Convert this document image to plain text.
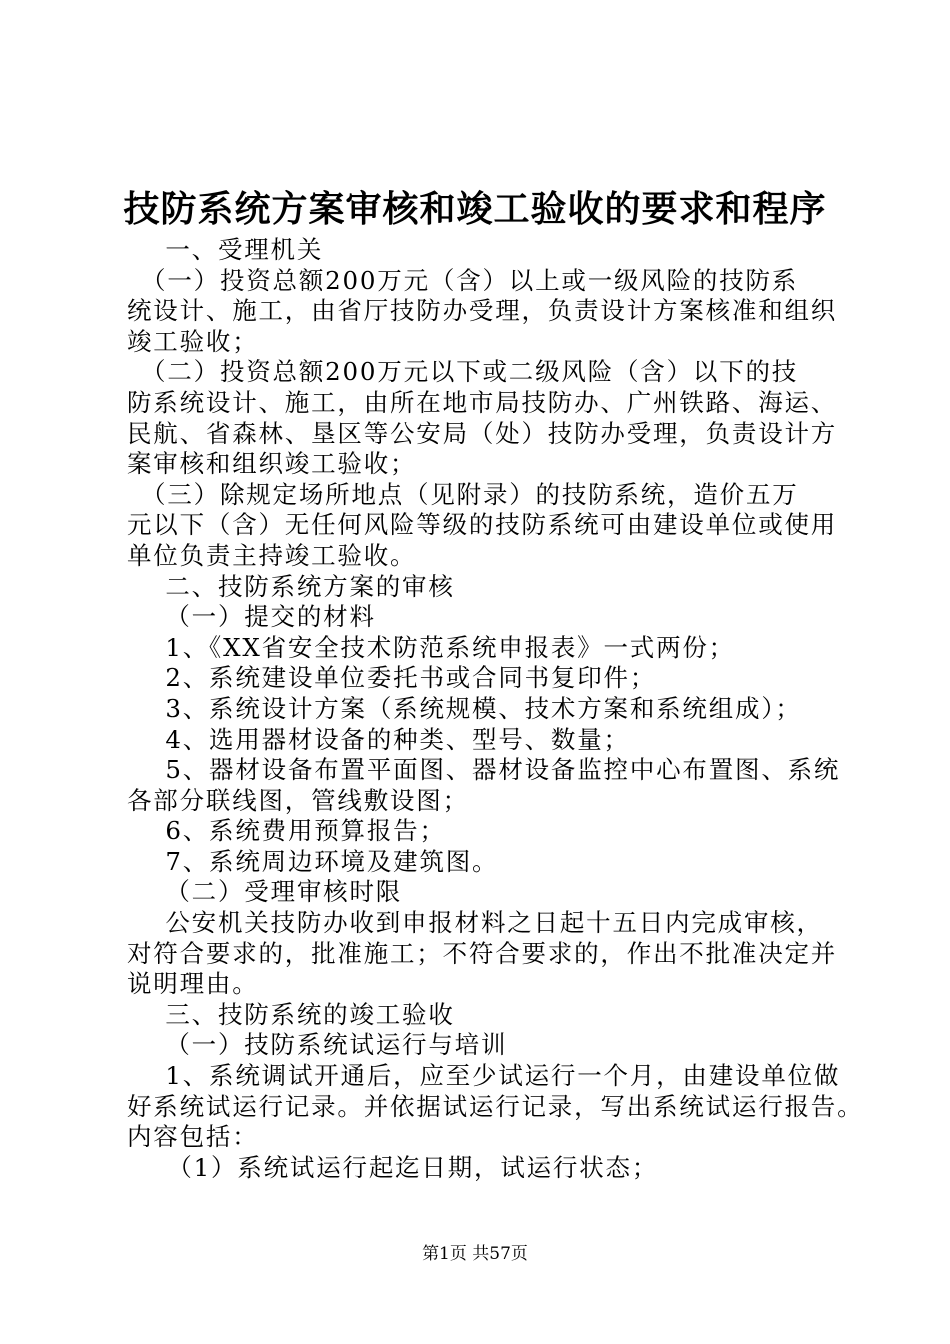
技防系统方案审核和竣工验收的要求和程序
一、受理机关
　（一）投资总额200万元（含）以上或一级风险的技防系
统设计、施工，由省厅技防办受理，负责设计方案核准和组织
竣工验收；
　（二）投资总额200万元以下或二级风险（含）以下的技
防系统设计、施工，由所在地市局技防办、广州铁路、海运、
民航、省森林、垦区等公安局（处）技防办受理，负责设计方
案审核和组织竣工验收；
　（三）除规定场所地点（见附录）的技防系统，造价五万
元以下（含）无任何风险等级的技防系统可由建设单位或使用
单位负责主持竣工验收。
二、技防系统方案的审核
（一）提交的材料
1、《XX省安全技术防范系统申报表》一式两份；
2、系统建设单位委托书或合同书复印件；
3、系统设计方案（系统规模、技术方案和系统组成）；
4、选用器材设备的种类、型号、数量；
5、器材设备布置平面图、器材设备监控中心布置图、系统
各部分联线图，管线敷设图；
6、系统费用预算报告；
7、系统周边环境及建筑图。
（二）受理审核时限
公安机关技防办收到申报材料之日起十五日内完成审核，
对符合要求的，批准施工；不符合要求的，作出不批准决定并
说明理由。
三、技防系统的竣工验收
（一）技防系统试运行与培训
1、系统调试开通后，应至少试运行一个月，由建设单位做
好系统试运行记录。并依据试运行记录，写出系统试运行报告。
内容包括：
　　（1）系统试运行起迄日期，试运行状态；
第1页 共57页
